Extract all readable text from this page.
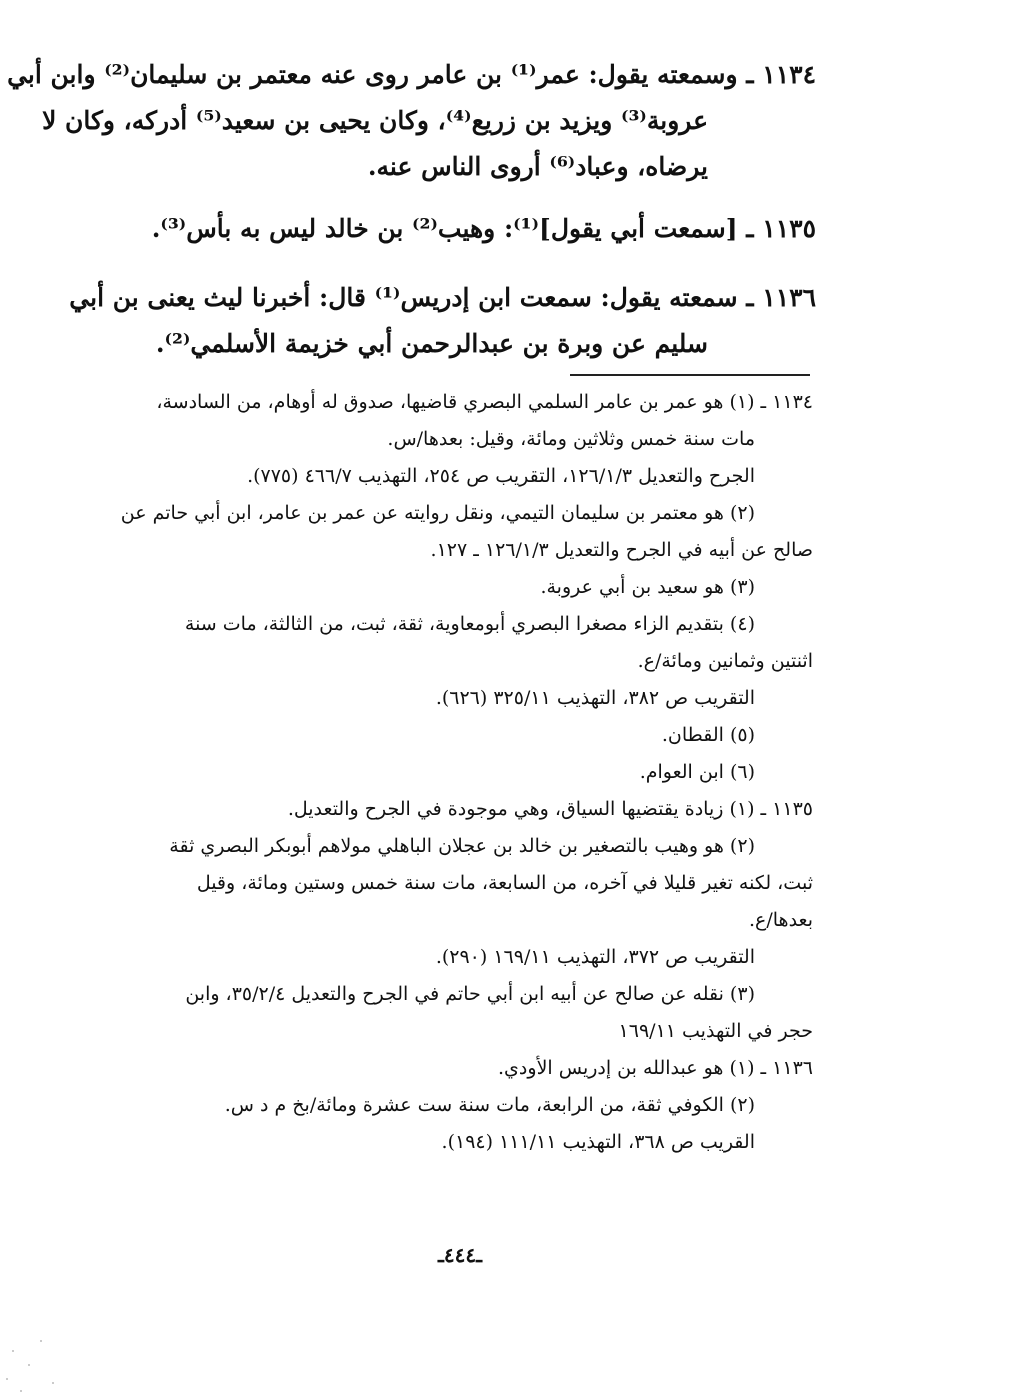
١١٣٤ ـ وسمعته يقول: عمر⁽¹⁾ بن عامر روى عنه معتمر بن سليمان⁽²⁾ وابن أبي
عروبة⁽³⁾ ويزيد بن زريع⁽⁴⁾، وكان يحيى بن سعيد⁽⁵⁾ أدركه، وكان لا
يرضاه، وعباد⁽⁶⁾ أروى الناس عنه.
١١٣٥ ـ [سمعت أبي يقول]⁽¹⁾: وهيب⁽²⁾ بن خالد ليس به بأس⁽³⁾.
١١٣٦ ـ سمعته يقول: سمعت ابن إدريس⁽¹⁾ قال: أخبرنا ليث يعنى بن أبي
سليم عن وبرة بن عبدالرحمن أبي خزيمة الأسلمي⁽²⁾.
١١٣٤ ـ (١) هو عمر بن عامر السلمي البصري قاضيها، صدوق له أوهام، من السادسة،
مات سنة خمس وثلاثين ومائة، وقيل: بعدها/س.
الجرح والتعديل ١٢٦/١/٣، التقريب ص ٢٥٤، التهذيب ٤٦٦/٧ (٧٧٥).
(٢) هو معتمر بن سليمان التيمي، ونقل روايته عن عمر بن عامر، ابن أبي حاتم عن
صالح عن أبيه في الجرح والتعديل ١٢٦/١/٣ ـ ١٢٧.
(٣) هو سعيد بن أبي عروبة.
(٤) بتقديم الزاء مصغرا البصري أبومعاوية، ثقة، ثبت، من الثالثة، مات سنة
اثنتين وثمانين ومائة/ع.
التقريب ص ٣٨٢، التهذيب ٣٢٥/١١ (٦٢٦).
(٥) القطان.
(٦) ابن العوام.
١١٣٥ ـ (١) زيادة يقتضيها السياق، وهي موجودة في الجرح والتعديل.
(٢) هو وهيب بالتصغير بن خالد بن عجلان الباهلي مولاهم أبوبكر البصري ثقة
ثبت، لكنه تغير قليلا في آخره، من السابعة، مات سنة خمس وستين ومائة، وقيل
بعدها/ع.
التقريب ص ٣٧٢، التهذيب ١٦٩/١١ (٢٩٠).
(٣) نقله عن صالح عن أبيه ابن أبي حاتم في الجرح والتعديل ٣٥/٢/٤، وابن
حجر في التهذيب ١٦٩/١١
١١٣٦ ـ (١) هو عبدالله بن إدريس الأودي.
(٢) الكوفي ثقة، من الرابعة، مات سنة ست عشرة ومائة/بخ م د س.
القريب ص ٣٦٨، التهذيب ١١١/١١ (١٩٤).
ـ٤٤٤ـ
